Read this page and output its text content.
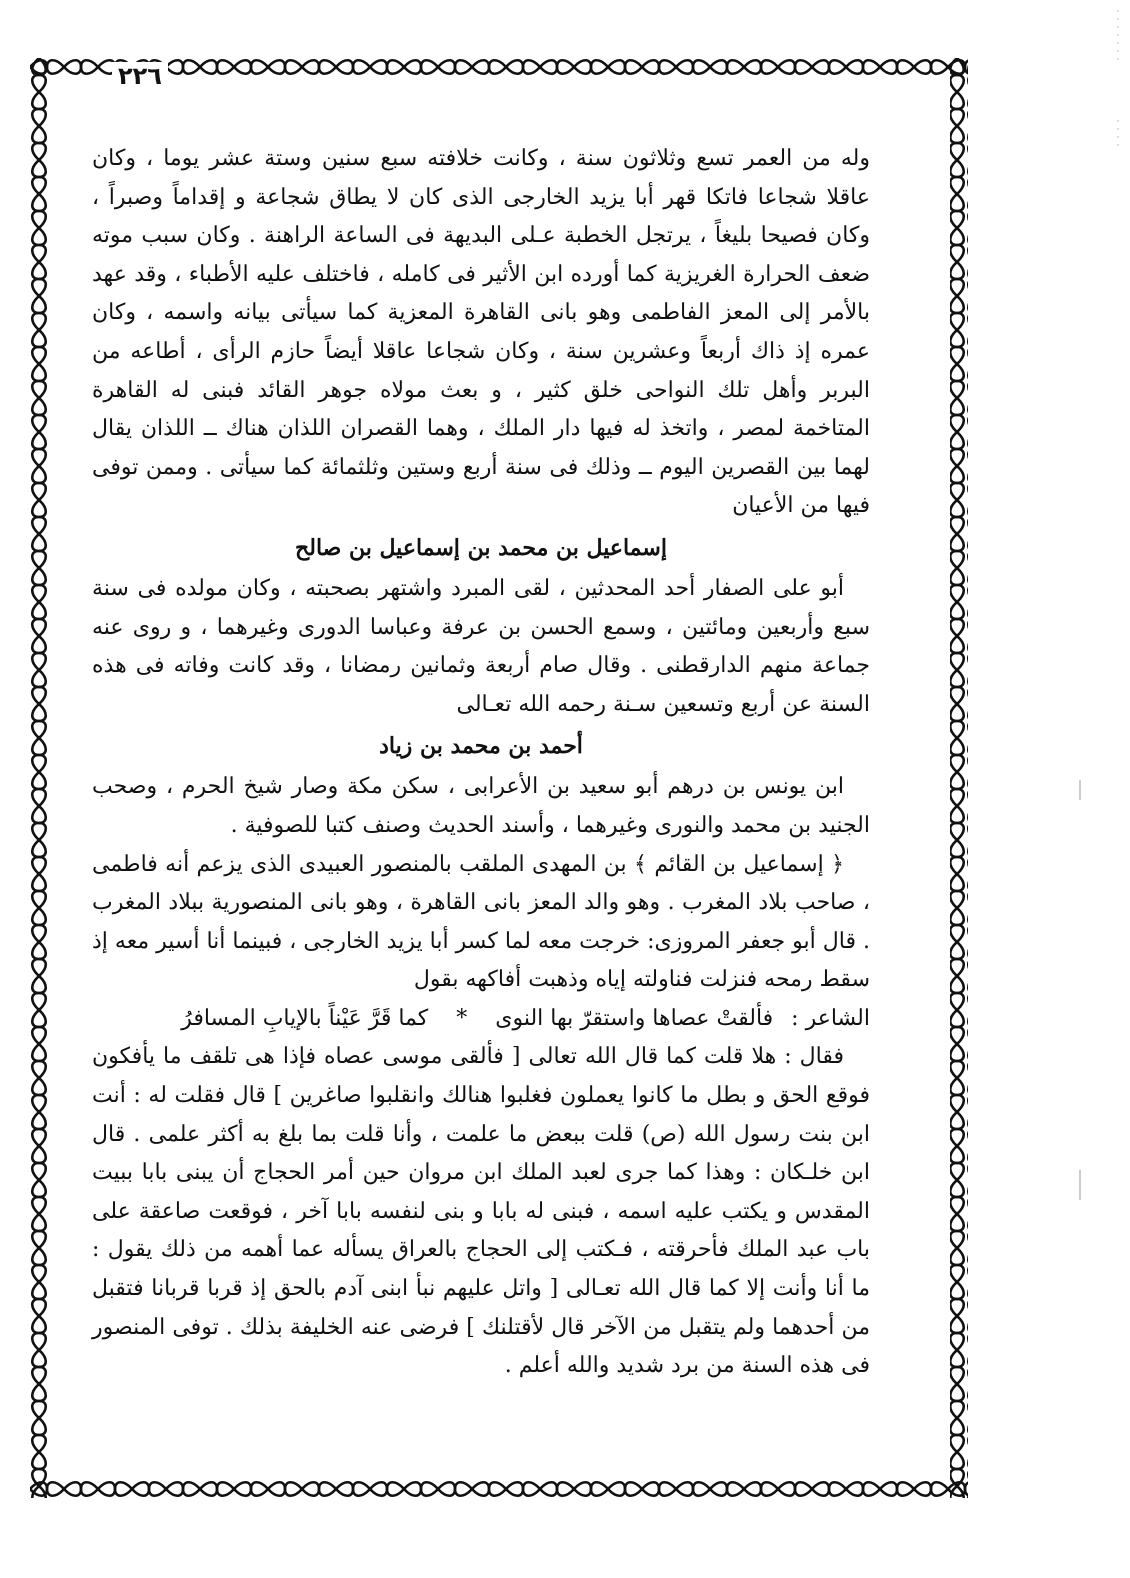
٢٢٦

وله من العمر تسع وثلاثون سنة ، وكانت خلافته سبع سنين وستة عشر يوما ، وكان عاقلا شجاعا فاتكا قهر أبا يزيد الخارجى الذى كان لا يطاق شجاعة و إقداماً وصبراً ، وكان فصيحا بليغاً ، يرتجل الخطبة عـلى البديهة فى الساعة الراهنة . وكان سبب موته ضعف الحرارة الغريزية كما أورده ابن الأثير فى كامله ، فاختلف عليه الأطباء ، وقد عهد بالأمر إلى المعز الفاطمى وهو بانى القاهرة المعزية كما سيأتى بيانه واسمه ، وكان عمره إذ ذاك أربعاً وعشرين سنة ، وكان شجاعا عاقلا أيضاً حازم الرأى ، أطاعه من البربر وأهل تلك النواحى خلق كثير ، و بعث مولاه جوهر القائد فبنى له القاهرة المتاخمة لمصر ، واتخذ له فيها دار الملك ، وهما القصران اللذان هناك ــ اللذان يقال لهما بين القصرين اليوم ــ وذلك فى سنة أربع وستين وثلثمائة كما سيأتى . وممن توفى فيها من الأعيان

إسماعيل بن محمد بن إسماعيل بن صالح

أبو على الصفار أحد المحدثين ، لقى المبرد واشتهر بصحبته ، وكان مولده فى سنة سبع وأربعين ومائتين ، وسمع الحسن بن عرفة وعباسا الدورى وغيرهما ، و روى عنه جماعة منهم الدارقطنى . وقال صام أربعة وثمانين رمضانا ، وقد كانت وفاته فى هذه السنة عن أربع وتسعين سـنة رحمه الله تعـالى

أحمد بن محمد بن زياد

ابن يونس بن درهم أبو سعيد بن الأعرابى ، سكن مكة وصار شيخ الحرم ، وصحب الجنيد بن محمد والنورى وغيرهما ، وأسند الحديث وصنف كتبا للصوفية .

﴿ إسماعيل بن القائم ﴾ بن المهدى الملقب بالمنصور العبيدى الذى يزعم أنه فاطمى ، صاحب بلاد المغرب . وهو والد المعز بانى القاهرة ، وهو بانى المنصورية ببلاد المغرب . قال أبو جعفر المروزى: خرجت معه لما كسر أبا يزيد الخارجى ، فبينما أنا أسير معه إذ سقط رمحه فنزلت فناولته إياه وذهبت أفاكهه بقول

الشاعر :
فألقتْ عصاها واستقرّ بها النوى
*
كما قَرَّ عَيْناً بالإيابِ المسافرُ

فقال : هلا قلت كما قال الله تعالى [ فألقى موسى عصاه فإذا هى تلقف ما يأفكون فوقع الحق و بطل ما كانوا يعملون فغلبوا هنالك وانقلبوا صاغرين ] قال فقلت له : أنت ابن بنت رسول الله (ص) قلت ببعض ما علمت ، وأنا قلت بما بلغ به أكثر علمى . قال ابن خلـكان : وهذا كما جرى لعبد الملك ابن مروان حين أمر الحجاج أن يبنى بابا ببيت المقدس و يكتب عليه اسمه ، فبنى له بابا و بنى لنفسه بابا آخر ، فوقعت صاعقة على باب عبد الملك فأحرقته ، فـكتب إلى الحجاج بالعراق يسأله عما أهمه من ذلك يقول : ما أنا وأنت إلا كما قال الله تعـالى [ واتل عليهم نبأ ابنى آدم بالحق إذ قربا قربانا فتقبل من أحدهما ولم يتقبل من الآخر قال لأقتلنك ] فرضى عنه الخليفة بذلك . توفى المنصور فى هذه السنة من برد شديد والله أعلم .
